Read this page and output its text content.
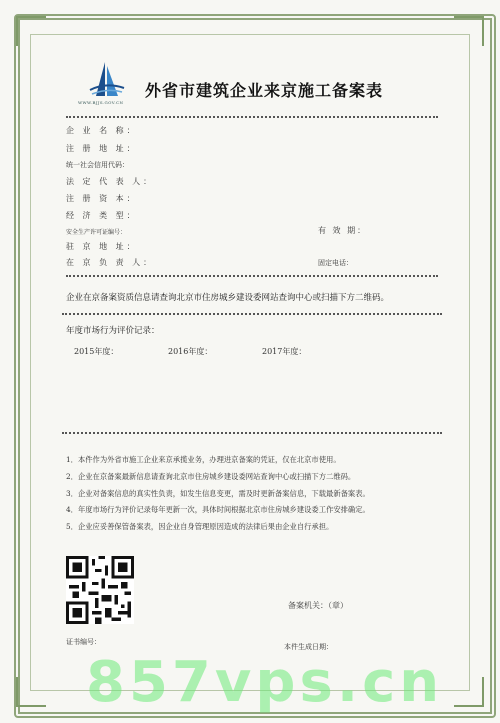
WWW.BJJS.GOV.CN
外省市建筑企业来京施工备案表
企 业 名 称：
注 册 地 址：
统一社会信用代码：
法 定 代 表 人：
注 册 资 本：
经 济 类 型：
安全生产许可证编号：	有 效 期：
驻 京 地 址：
在 京 负 责 人：	固定电话：
企业在京备案资质信息请查询北京市住房城乡建设委网站查询中心或扫描下方二维码。
年度市场行为评价记录：
2015年度：	2016年度：	2017年度：
1．本件作为外省市施工企业来京承揽业务，办理进京备案的凭证，仅在北京市使用。
2．企业在京备案最新信息请查询北京市住房城乡建设委网站查询中心或扫描下方二维码。
3．企业对备案信息的真实性负责，如发生信息变更，需及时更新备案信息，下载最新备案表。
4．年度市场行为评价记录每年更新一次，具体时间根据北京市住房城乡建设委工作安排确定。
5．企业应妥善保管备案表，因企业自身管理原因造成的法律后果由企业自行承担。
备案机关：（章）
证书编号：
本件生成日期：
857vps.cn
